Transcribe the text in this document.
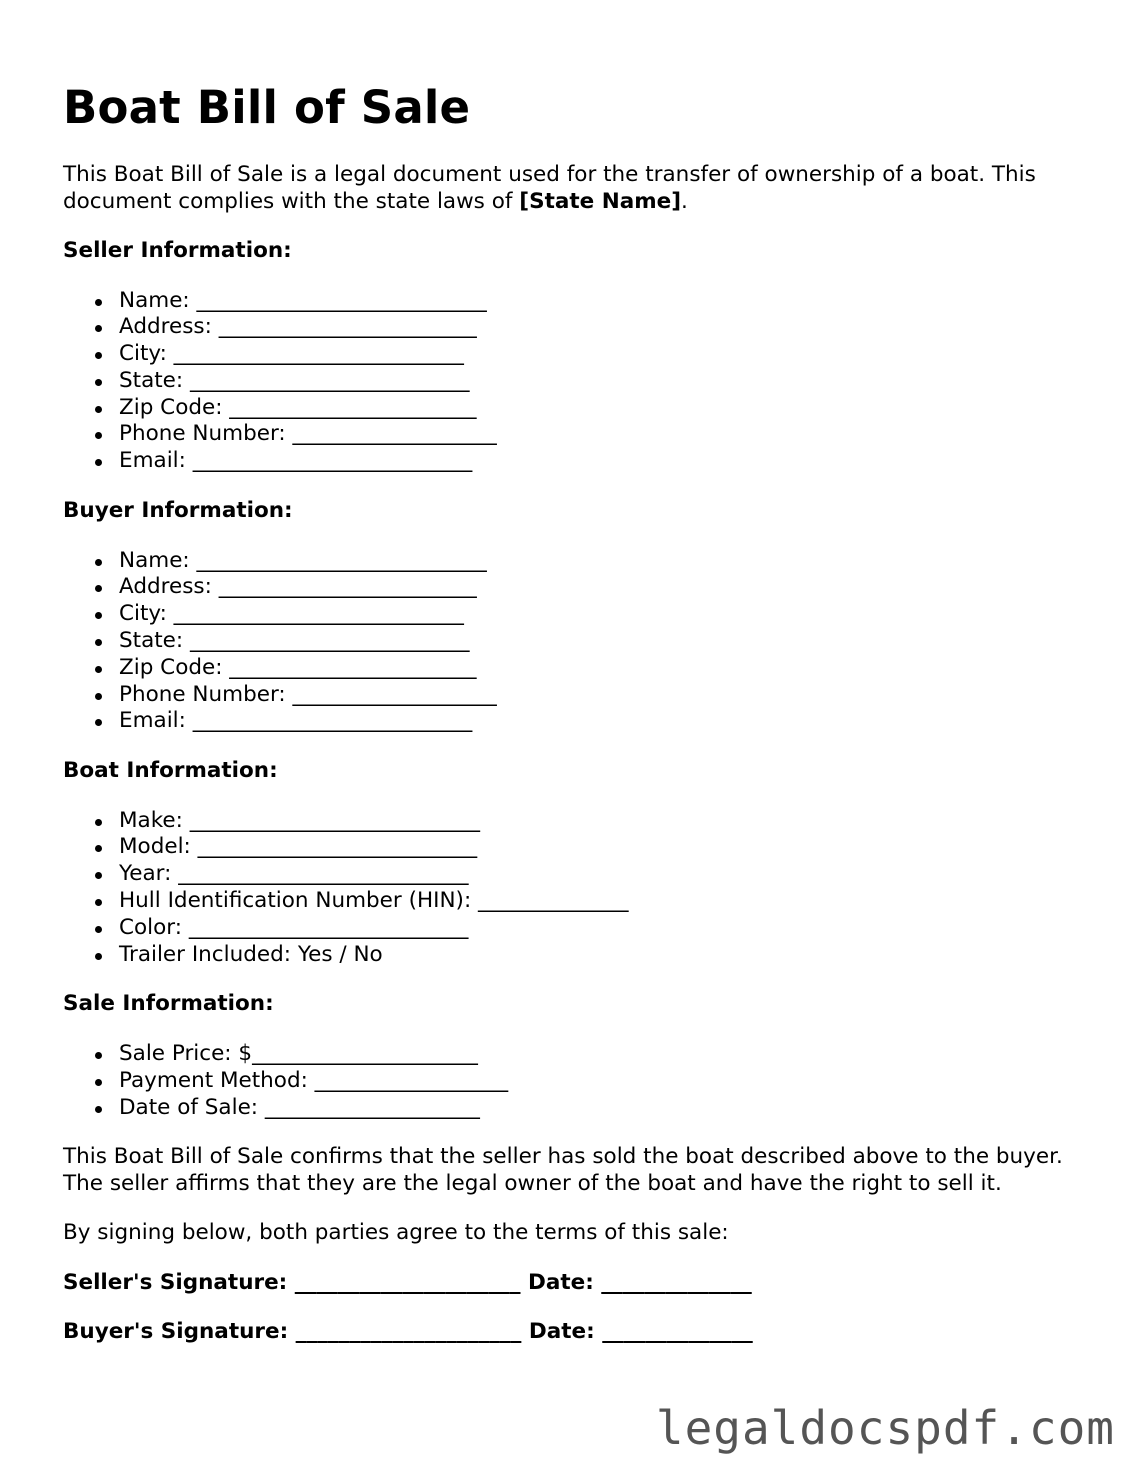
Boat Bill of Sale

This Boat Bill of Sale is a legal document used for the transfer of ownership of a boat. This document complies with the state laws of [State Name].

Seller Information:
Name: ___________________________
Address: ________________________
City: ___________________________
State: __________________________
Zip Code: _______________________
Phone Number: ___________________
Email: __________________________
Buyer Information:
Name: ___________________________
Address: ________________________
City: ___________________________
State: __________________________
Zip Code: _______________________
Phone Number: ___________________
Email: __________________________
Boat Information:
Make: ___________________________
Model: __________________________
Year: ___________________________
Hull Identification Number (HIN): ______________
Color: __________________________
Trailer Included: Yes / No
Sale Information:
Sale Price: $_____________________
Payment Method: __________________
Date of Sale: ____________________

This Boat Bill of Sale confirms that the seller has sold the boat described above to the buyer. The seller affirms that they are the legal owner of the boat and have the right to sell it.

By signing below, both parties agree to the terms of this sale:

Seller's Signature: _____________________ Date: ______________
Buyer's Signature: _____________________ Date: ______________
legaldocspdf.com
